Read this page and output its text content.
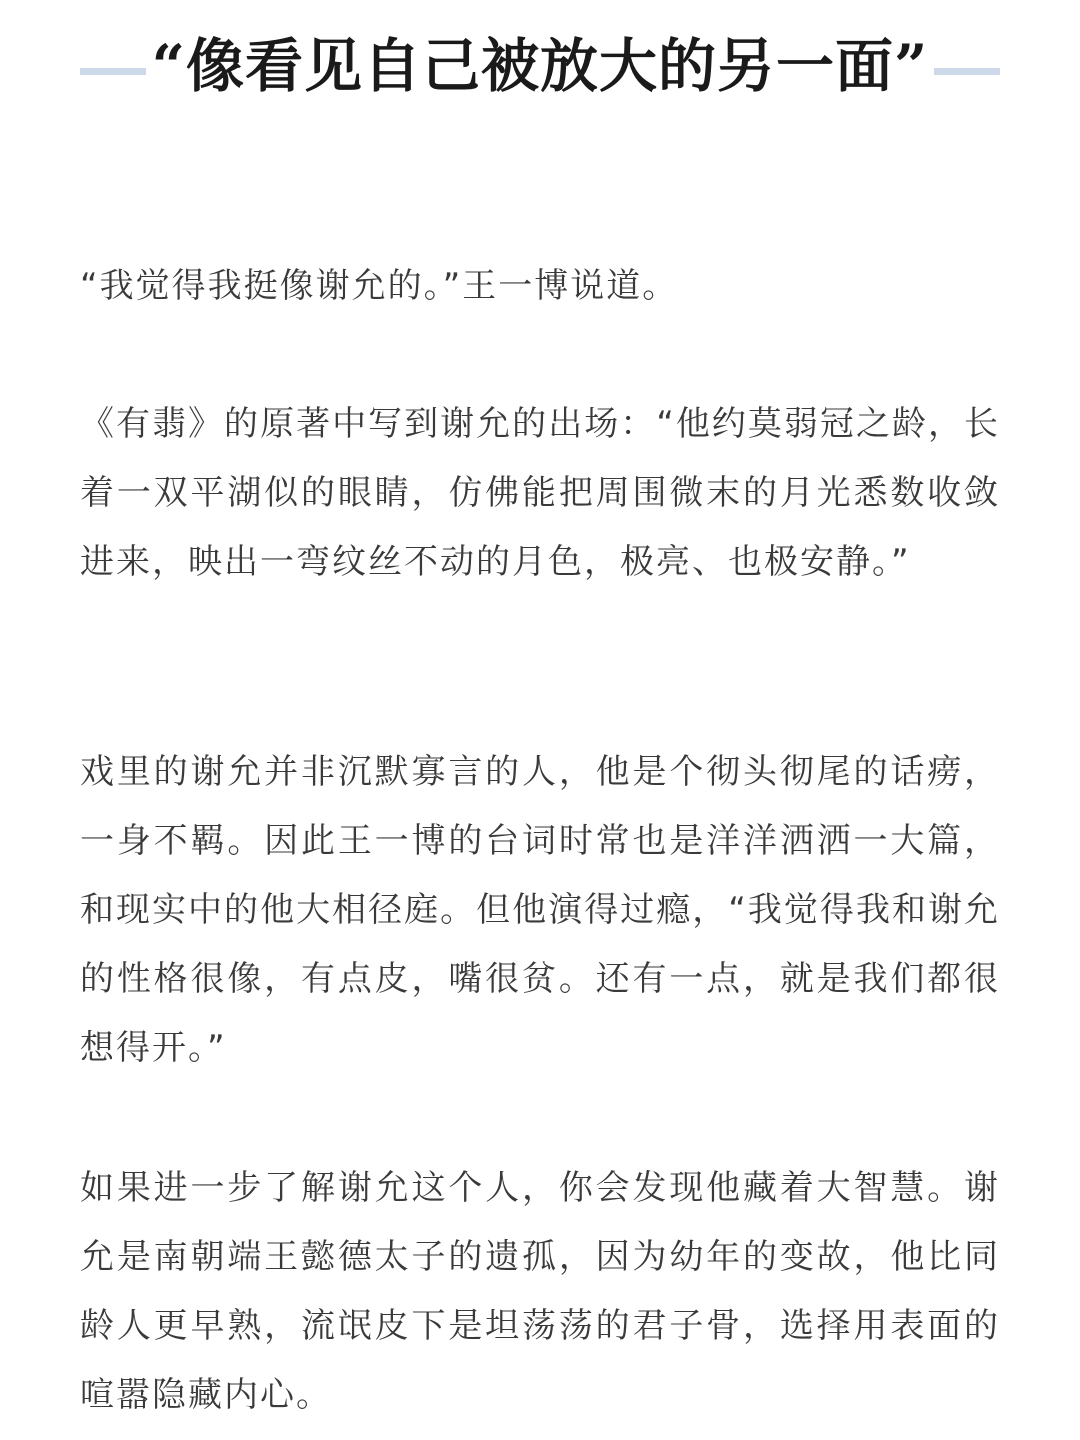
“像看见自己被放大的另一面”

“我觉得我挺像谢允的。”王一博说道。

《有翡》的原著中写到谢允的出场：“他约莫弱冠之龄，长着一双平湖似的眼睛，仿佛能把周围微末的月光悉数收敛进来，映出一弯纹丝不动的月色，极亮、也极安静。”

戏里的谢允并非沉默寡言的人，他是个彻头彻尾的话痨，一身不羁。因此王一博的台词时常也是洋洋洒洒一大篇，和现实中的他大相径庭。但他演得过瘾，“我觉得我和谢允的性格很像，有点皮，嘴很贫。还有一点，就是我们都很想得开。”

如果进一步了解谢允这个人，你会发现他藏着大智慧。谢允是南朝端王懿德太子的遗孤，因为幼年的变故，他比同龄人更早熟，流氓皮下是坦荡荡的君子骨，选择用表面的喧嚣隐藏内心。
